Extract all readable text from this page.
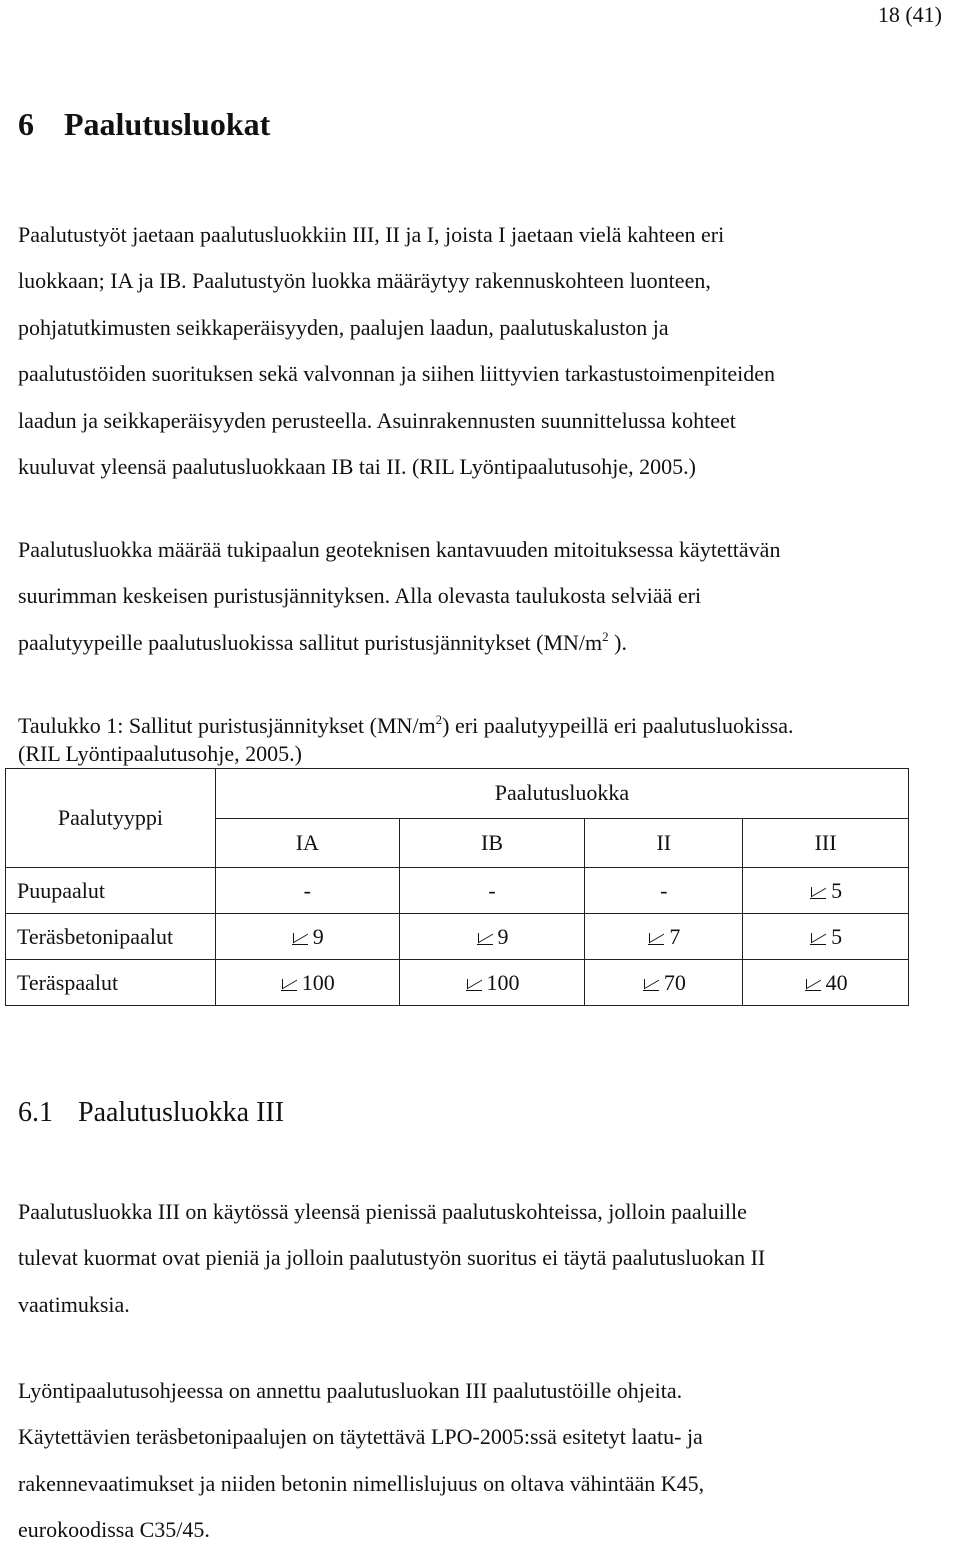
18 (41)
6 Paalutusluokat
Paalutustyöt jaetaan paalutusluokkiin III, II ja I, joista I jaetaan vielä kahteen eri
luokkaan; IA ja IB. Paalutustyön luokka määräytyy rakennuskohteen luonteen,
pohjatutkimusten seikkaperäisyyden, paalujen laadun, paalutuskaluston ja
paalutustöiden suorituksen sekä valvonnan ja siihen liittyvien tarkastustoimenpiteiden
laadun ja seikkaperäisyyden perusteella. Asuinrakennusten suunnittelussa kohteet
kuuluvat yleensä paalutusluokkaan IB tai II. (RIL Lyöntipaalutusohje, 2005.)
Paalutusluokka määrää tukipaalun geoteknisen kantavuuden mitoituksessa käytettävän
suurimman keskeisen puristusjännityksen. Alla olevasta taulukosta selviää eri
paalutyypeille paalutusluokissa sallitut puristusjännitykset ($MN/m^2$ ).
Taulukko 1: Sallitut puristusjännitykset $(MN/m^2)$ eri paalutyypeillä eri paalutusluokissa.
(RIL Lyöntipaalutusohje, 2005.)
Paalutyyppi	Paalutusluokka			
	IA	IB	II	III
Puupaalut	-	-	-	5
Teräsbetonipaalut	9	9	7	5
Teräspaalut	100	100	70	40
6.1 Paalutusluokka III
Paalutusluokka III on käytössä yleensä pienissä paalutuskohteissa, jolloin paaluille
tulevat kuormat ovat pieniä ja jolloin paalutustyön suoritus ei täytä paalutusluokan II
vaatimuksia.
Lyöntipaalutusohjeessa on annettu paalutusluokan III paalutustöille ohjeita.
Käytettävien teräsbetonipaalujen on täytettävä LPO-2005:ssä esitetyt laatu- ja
rakennevaatimukset ja niiden betonin nimellislujuus on oltava vähintään K45,
eurokoodissa C35/45.
